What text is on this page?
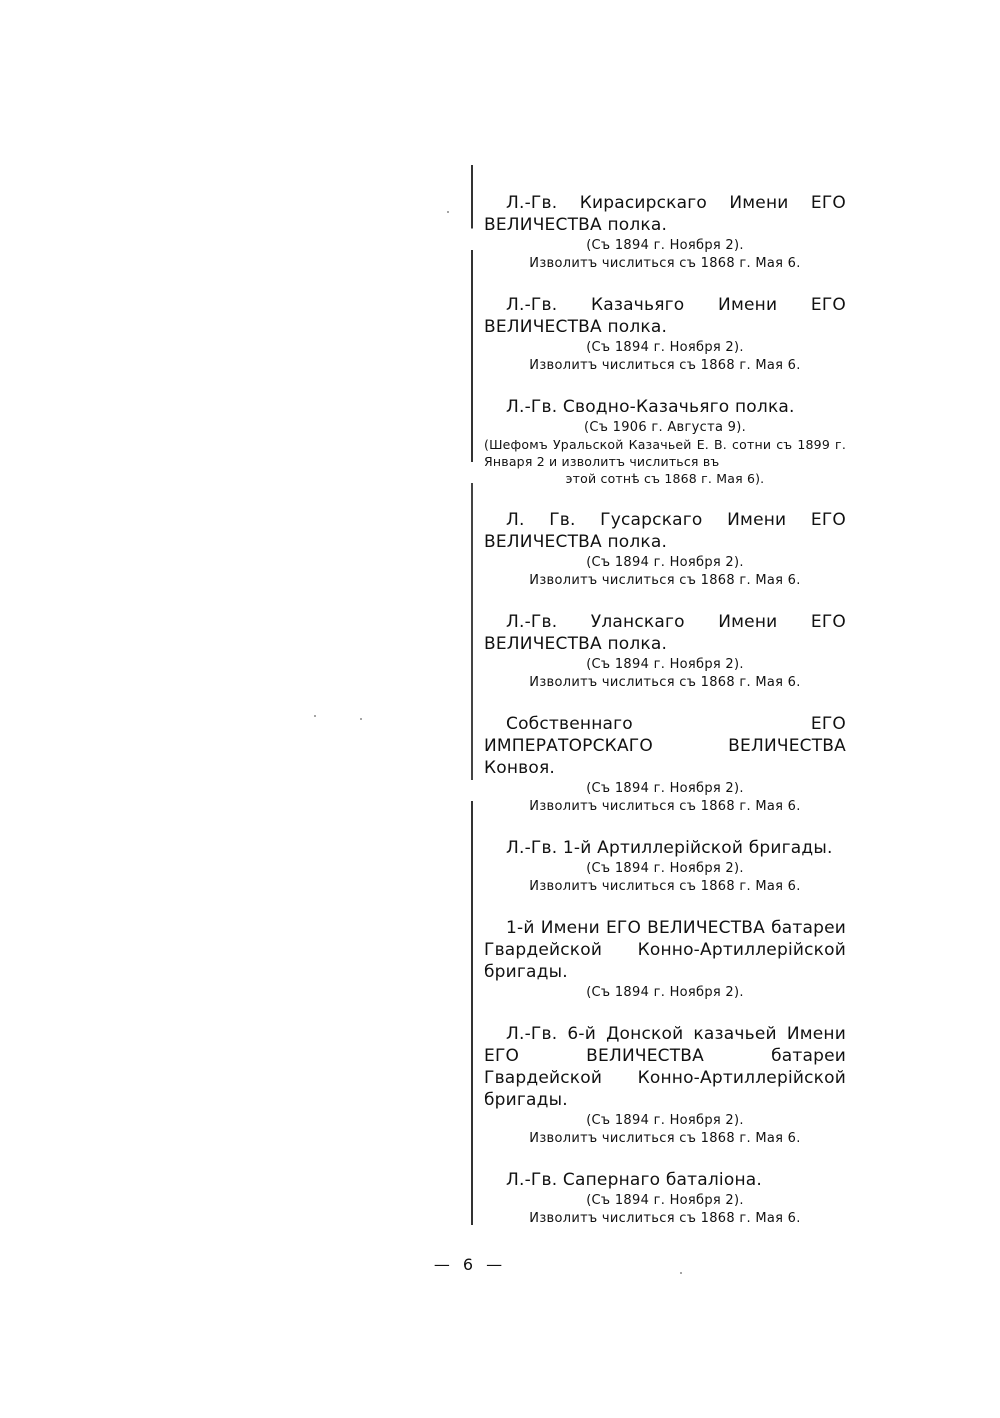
Л.-Гв. Кирасирскаго Имени ЕГО ВЕЛИЧЕСТВА полка.

(Съ 1894 г. Ноября 2).

Изволитъ числиться съ 1868 г. Мая 6.

Л.-Гв. Казачьяго Имени ЕГО ВЕЛИЧЕСТВА полка.

(Съ 1894 г. Ноября 2).

Изволитъ числиться съ 1868 г. Мая 6.

Л.-Гв. Сводно-Казачьяго полка.

(Съ 1906 г. Августа 9).

(Шефомъ Уральской Казачьей Е. В. сотни съ 1899 г. Января 2 и изволитъ числиться въ

этой сотнѣ съ 1868 г. Мая 6).

Л. Гв. Гусарскаго Имени ЕГО ВЕЛИЧЕСТВА полка.

(Съ 1894 г. Ноября 2).

Изволитъ числиться съ 1868 г. Мая 6.

Л.-Гв. Уланскаго Имени ЕГО ВЕЛИЧЕСТВА полка.

(Съ 1894 г. Ноября 2).

Изволитъ числиться съ 1868 г. Мая 6.

Собственнаго ЕГО ИМПЕРАТОРСКАГО ВЕЛИЧЕСТВА Конвоя.

(Съ 1894 г. Ноября 2).

Изволитъ числиться съ 1868 г. Мая 6.

Л.-Гв. 1-й Артиллерійской бригады.

(Съ 1894 г. Ноября 2).

Изволитъ числиться съ 1868 г. Мая 6.

1-й Имени ЕГО ВЕЛИЧЕСТВА батареи Гвардейской Конно-Артиллерійской бригады.

(Съ 1894 г. Ноября 2).

Л.-Гв. 6-й Донской казачьей Имени ЕГО ВЕЛИЧЕСТВА батареи Гвардейской Конно-Артиллерійской бригады.

(Съ 1894 г. Ноября 2).

Изволитъ числиться съ 1868 г. Мая 6.

Л.-Гв. Сапернаго баталіона.

(Съ 1894 г. Ноября 2).

Изволитъ числиться съ 1868 г. Мая 6.

— 6 —
